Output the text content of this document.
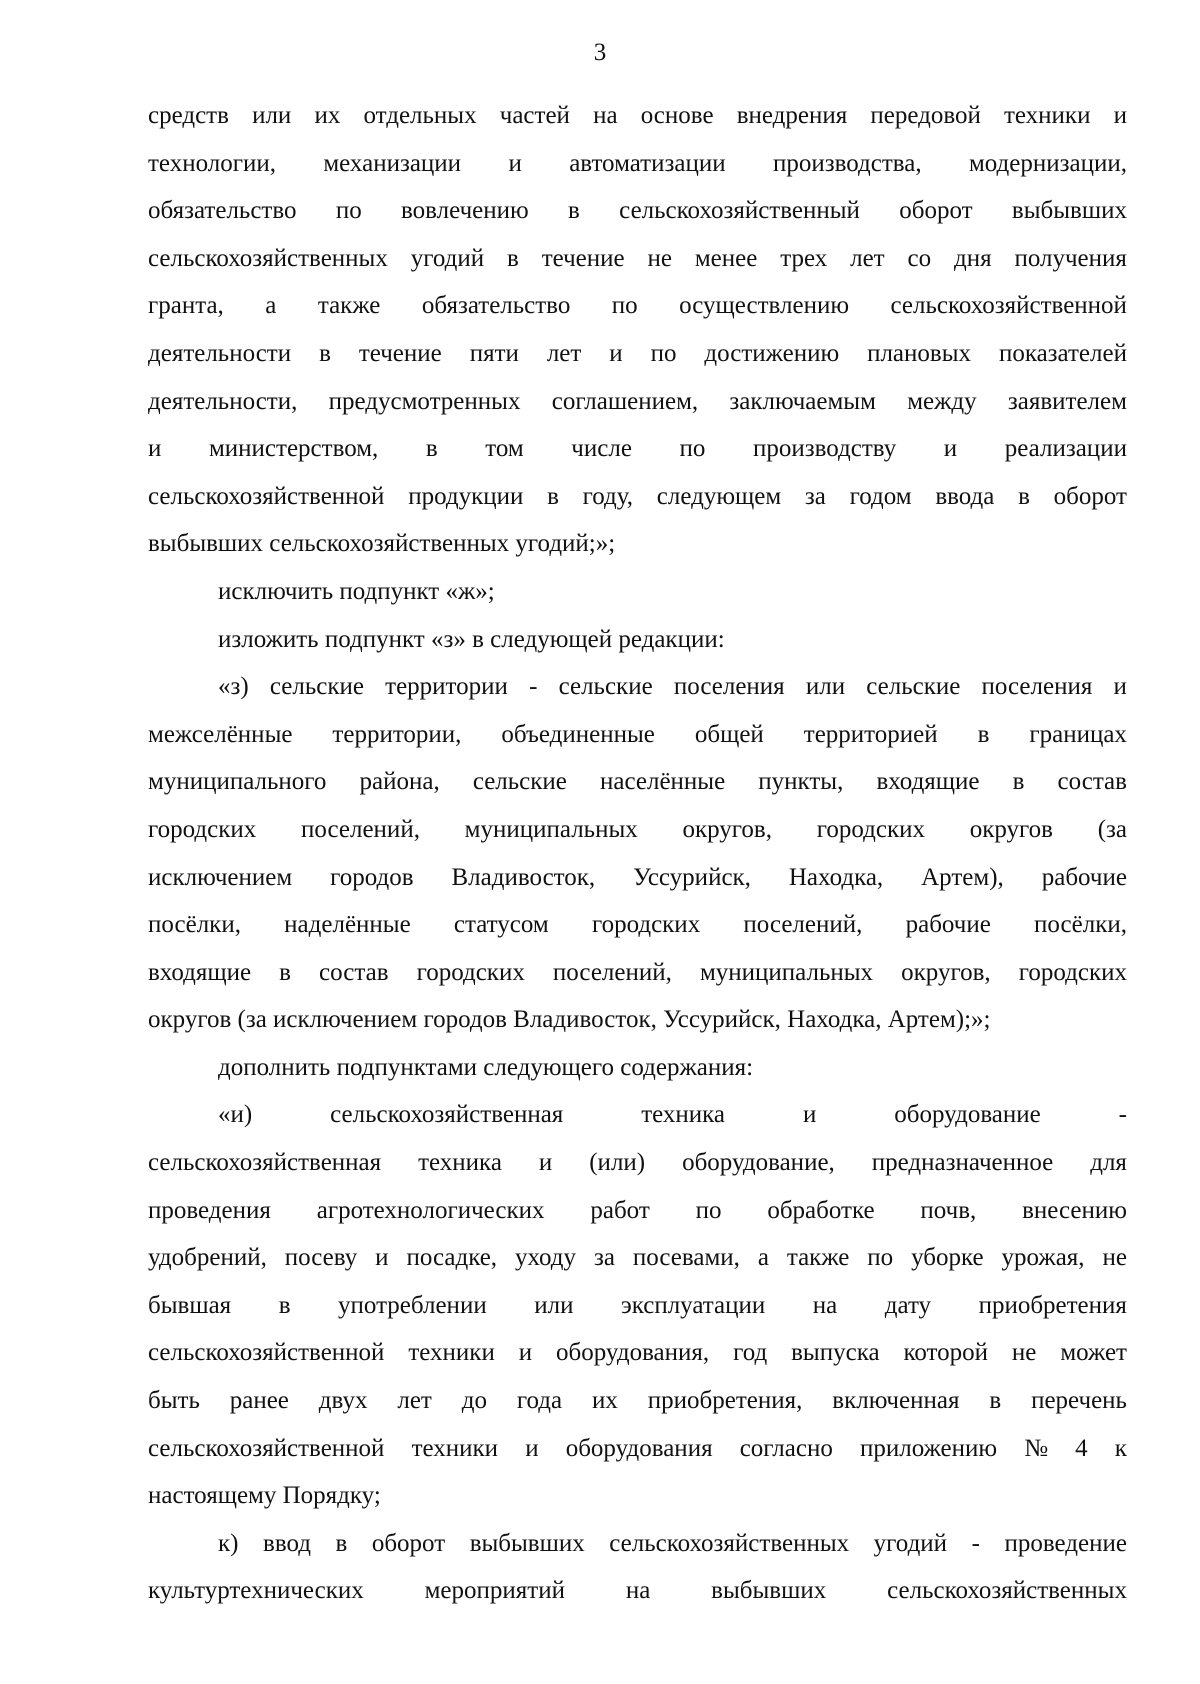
3
средств или их отдельных частей на основе внедрения передовой техники и
технологии, механизации и автоматизации производства, модернизации,
обязательство по вовлечению в сельскохозяйственный оборот выбывших
сельскохозяйственных угодий в течение не менее трех лет со дня получения
гранта, а также обязательство по осуществлению сельскохозяйственной
деятельности в течение пяти лет и по достижению плановых показателей
деятельности, предусмотренных соглашением, заключаемым между заявителем
и министерством, в том числе по производству и реализации
сельскохозяйственной продукции в году, следующем за годом ввода в оборот
выбывших сельскохозяйственных угодий;»;
исключить подпункт «ж»;
изложить подпункт «з» в следующей редакции:
«з) сельские территории - сельские поселения или сельские поселения и
межселённые территории, объединенные общей территорией в границах
муниципального района, сельские населённые пункты, входящие в состав
городских поселений, муниципальных округов, городских округов (за
исключением городов Владивосток, Уссурийск, Находка, Артем), рабочие
посёлки, наделённые статусом городских поселений, рабочие посёлки,
входящие в состав городских поселений, муниципальных округов, городских
округов (за исключением городов Владивосток, Уссурийск, Находка, Артем);»;
дополнить подпунктами следующего содержания:
«и)	сельскохозяйственная	техника	и	оборудование	-
сельскохозяйственная техника и (или) оборудование, предназначенное для
проведения агротехнологических работ по обработке почв, внесению
удобрений, посеву и посадке, уходу за посевами, а также по уборке урожая, не
бывшая в употреблении или эксплуатации на дату приобретения
сельскохозяйственной техники и оборудования, год выпуска которой не может
быть ранее двух лет до года их приобретения, включенная в перечень
сельскохозяйственной техники и оборудования согласно приложению № 4 к
настоящему Порядку;
к) ввод в оборот выбывших сельскохозяйственных угодий - проведение
культуртехнических мероприятий на выбывших сельскохозяйственных
